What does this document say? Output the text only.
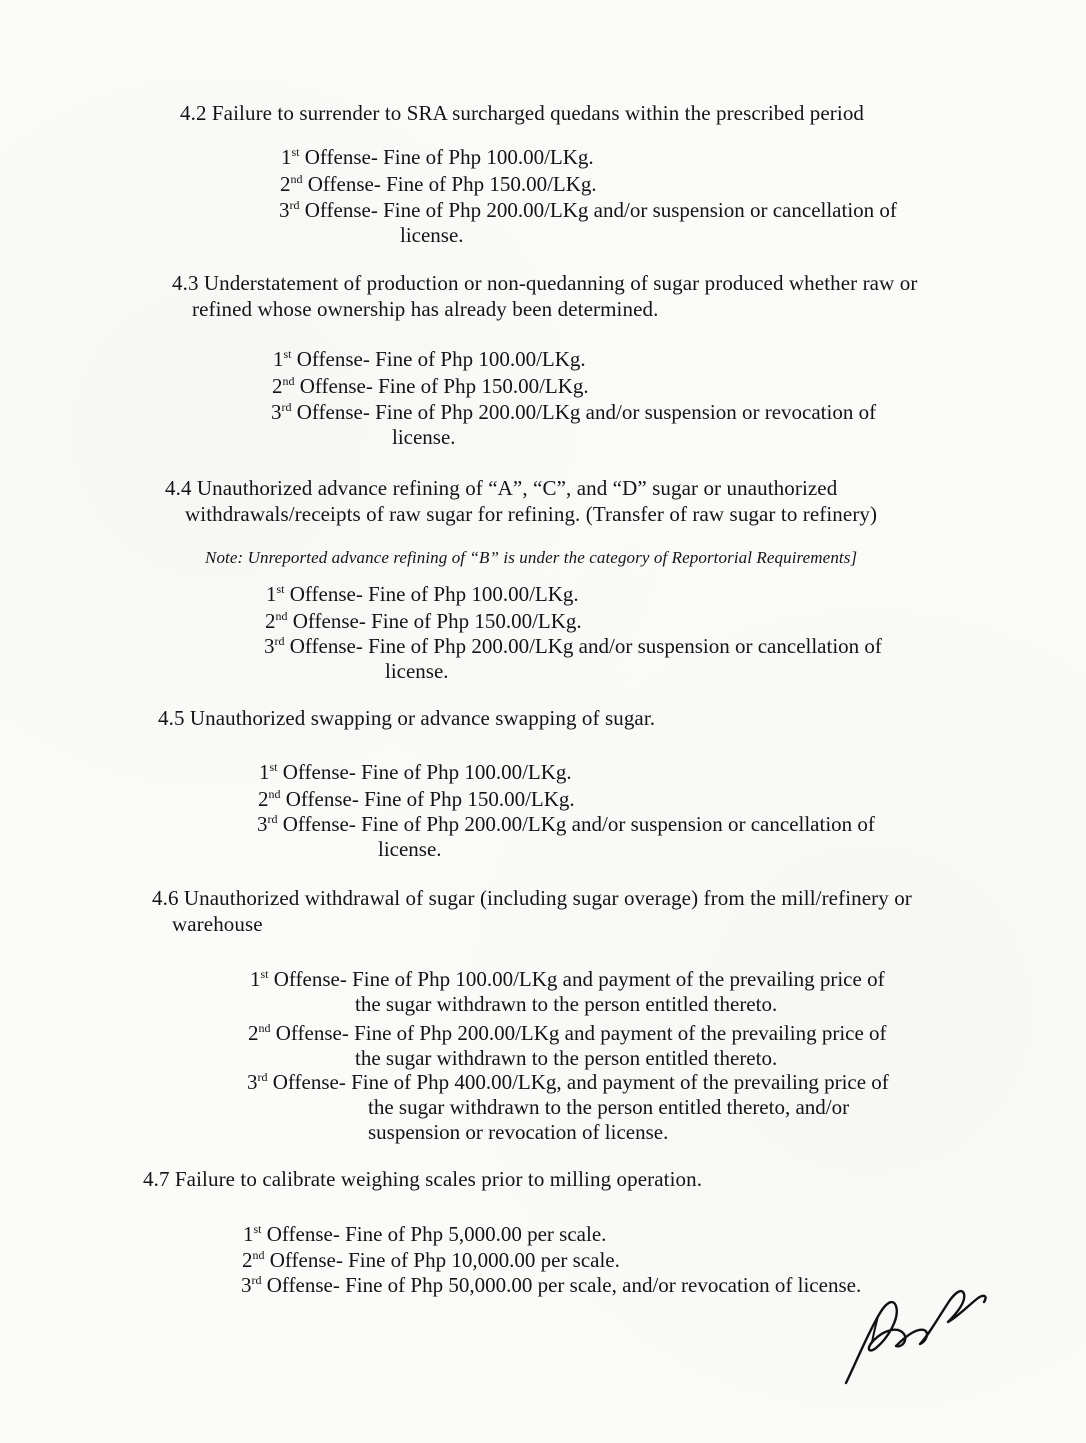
4.2 Failure to surrender to SRA surcharged quedans within the prescribed period
1st Offense- Fine of Php 100.00/LKg.
2nd Offense- Fine of Php 150.00/LKg.
3rd Offense- Fine of Php 200.00/LKg and/or suspension or cancellation of
license.
4.3 Understatement of production or non-quedanning of sugar produced whether raw or
refined whose ownership has already been determined.
1st Offense- Fine of Php 100.00/LKg.
2nd Offense- Fine of Php 150.00/LKg.
3rd Offense- Fine of Php 200.00/LKg and/or suspension or revocation of
license.
4.4 Unauthorized advance refining of “A”, “C”, and “D” sugar or unauthorized
withdrawals/receipts of raw sugar for refining. (Transfer of raw sugar to refinery)
Note: Unreported advance refining of “B” is under the category of Reportorial Requirements]
1st Offense- Fine of Php 100.00/LKg.
2nd Offense- Fine of Php 150.00/LKg.
3rd Offense- Fine of Php 200.00/LKg and/or suspension or cancellation of
license.
4.5 Unauthorized swapping or advance swapping of sugar.
1st Offense- Fine of Php 100.00/LKg.
2nd Offense- Fine of Php 150.00/LKg.
3rd Offense- Fine of Php 200.00/LKg and/or suspension or cancellation of
license.
4.6 Unauthorized withdrawal of sugar (including sugar overage) from the mill/refinery or
warehouse
1st Offense- Fine of Php 100.00/LKg and payment of the prevailing price of
the sugar withdrawn to the person entitled thereto.
2nd Offense- Fine of Php 200.00/LKg and payment of the prevailing price of
the sugar withdrawn to the person entitled thereto.
3rd Offense- Fine of Php 400.00/LKg, and payment of the prevailing price of
the sugar withdrawn to the person entitled thereto, and/or
suspension or revocation of license.
4.7 Failure to calibrate weighing scales prior to milling operation.
1st Offense- Fine of Php 5,000.00 per scale.
2nd Offense- Fine of Php 10,000.00 per scale.
3rd Offense- Fine of Php 50,000.00 per scale, and/or revocation of license.
